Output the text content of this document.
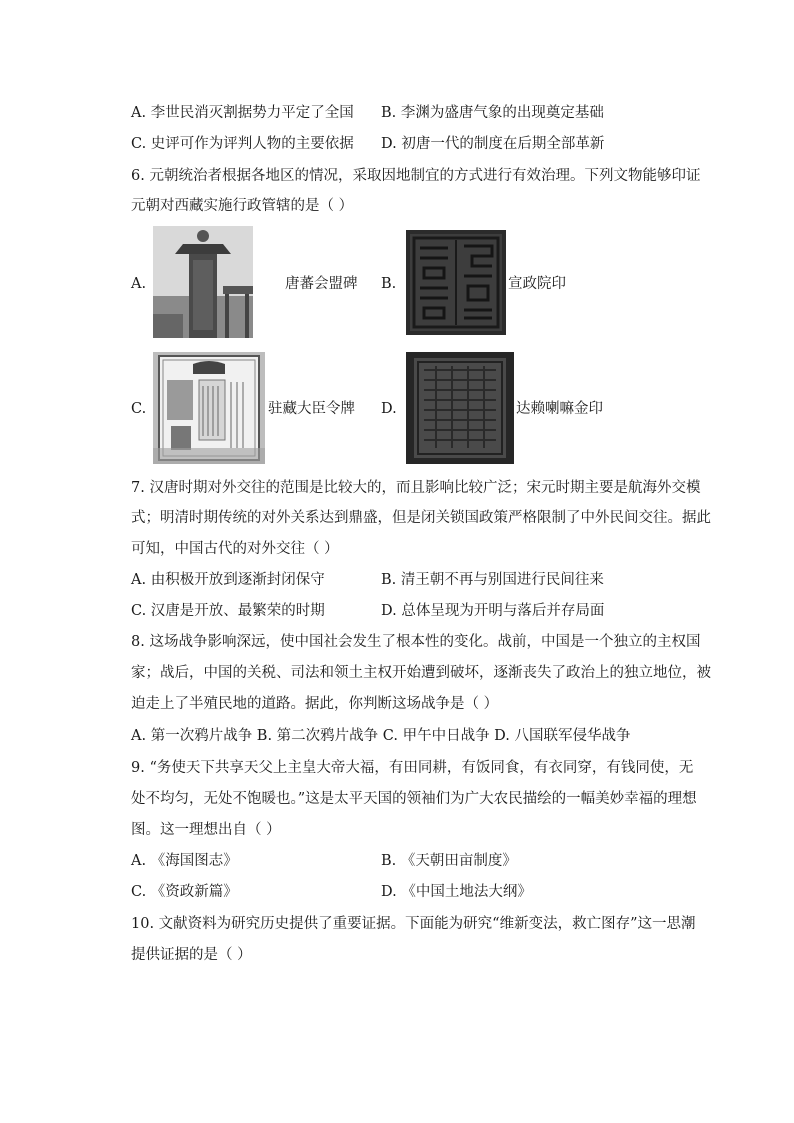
A. 李世民消灭割据势力平定了全国 B. 李渊为盛唐气象的出现奠定基础
C. 史评可作为评判人物的主要依据 D. 初唐一代的制度在后期全部革新
6. 元朝统治者根据各地区的情况，采取因地制宜的方式进行有效治理。下列文物能够印证
元朝对西藏实施行政管辖的是（ ）
A.	唐蕃会盟碑 B.	宣政院印
C.	驻藏大臣令牌 D.	达赖喇嘛金印
7. 汉唐时期对外交往的范围是比较大的，而且影响比较广泛；宋元时期主要是航海外交模
式；明清时期传统的对外关系达到鼎盛，但是闭关锁国政策严格限制了中外民间交往。据此
可知，中国古代的对外交往（ ）
A. 由积极开放到逐渐封闭保守	B. 清王朝不再与别国进行民间往来
C. 汉唐是开放、最繁荣的时期	D. 总体呈现为开明与落后并存局面
8. 这场战争影响深远，使中国社会发生了根本性的变化。战前，中国是一个独立的主权国
家；战后，中国的关税、司法和领土主权开始遭到破坏，逐渐丧失了政治上的独立地位，被
迫走上了半殖民地的道路。据此，你判断这场战争是（ ）
A. 第一次鸦片战争 B. 第二次鸦片战争 C. 甲午中日战争 D. 八国联军侵华战争
9. “务使天下共享天父上主皇大帝大福，有田同耕，有饭同食，有衣同穿，有钱同使，无
处不均匀，无处不饱暖也。”这是太平天国的领袖们为广大农民描绘的一幅美妙幸福的理想
图。这一理想出自（ ）
A. 《海国图志》	B. 《天朝田亩制度》
C. 《资政新篇》	D. 《中国土地法大纲》
10. 文献资料为研究历史提供了重要证据。下面能为研究“维新变法，救亡图存”这一思潮
提供证据的是（ ）
